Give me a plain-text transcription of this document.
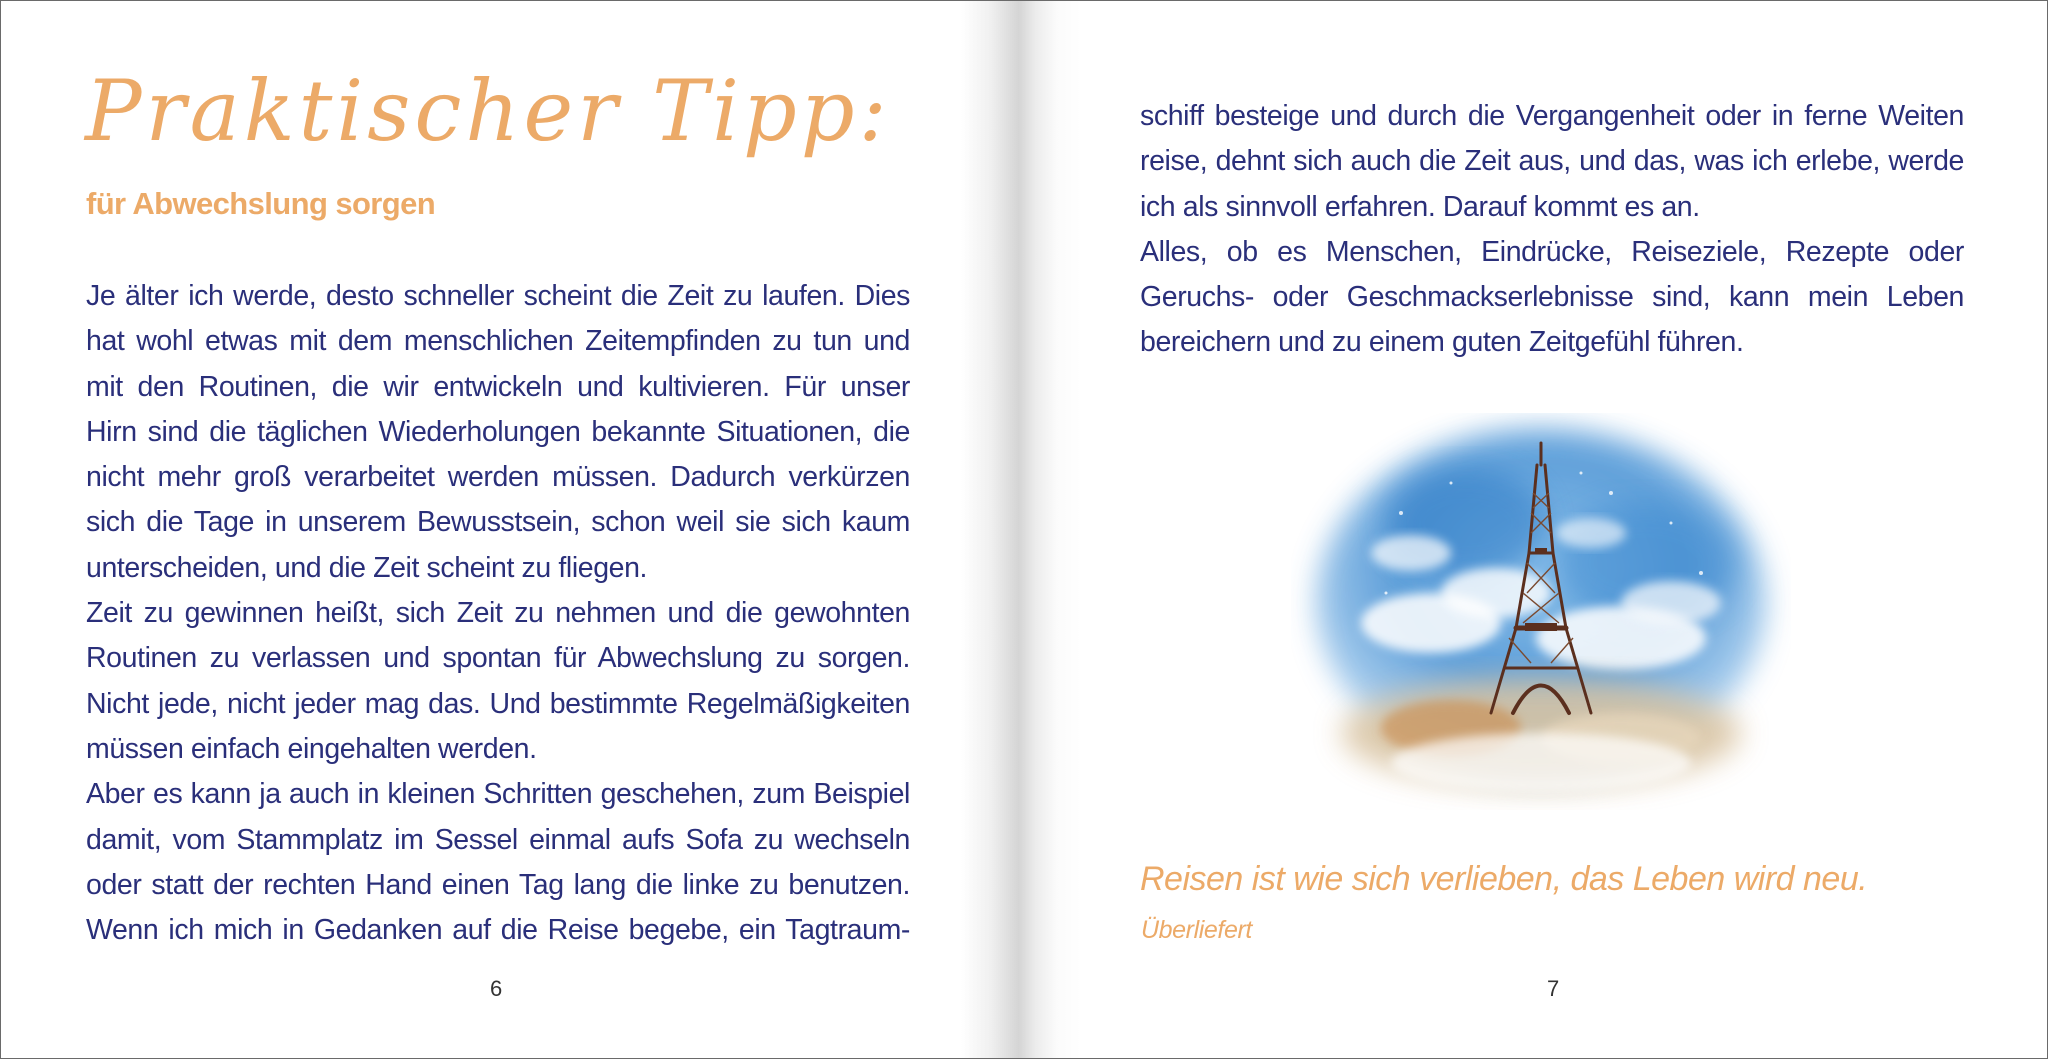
Praktischer Tipp:
für Abwechslung sorgen
Je älter ich werde, desto schneller scheint die Zeit zu laufen. Dies
hat wohl etwas mit dem menschlichen Zeitempfinden zu tun und
mit den Routinen, die wir entwickeln und kultivieren. Für unser
Hirn sind die täglichen Wiederholungen bekannte Situationen, die
nicht mehr groß verarbeitet werden müssen. Dadurch verkürzen
sich die Tage in unserem Bewusstsein, schon weil sie sich kaum
unterscheiden, und die Zeit scheint zu fliegen.
Zeit zu gewinnen heißt, sich Zeit zu nehmen und die gewohnten
Routinen zu verlassen und spontan für Abwechslung zu sorgen.
Nicht jede, nicht jeder mag das. Und bestimmte Regelmäßigkeiten
müssen einfach eingehalten werden.
Aber es kann ja auch in kleinen Schritten geschehen, zum Beispiel
damit, vom Stammplatz im Sessel einmal aufs Sofa zu wechseln
oder statt der rechten Hand einen Tag lang die linke zu benutzen.
Wenn ich mich in Gedanken auf die Reise begebe, ein Tagtraum-
6
schiff besteige und durch die Vergangenheit oder in ferne Weiten
reise, dehnt sich auch die Zeit aus, und das, was ich erlebe, werde
ich als sinnvoll erfahren. Darauf kommt es an.
Alles, ob es Menschen, Eindrücke, Reiseziele, Rezepte oder
Geruchs- oder Geschmackserlebnisse sind, kann mein Leben
bereichern und zu einem guten Zeitgefühl führen.

Reisen ist wie sich verlieben, das Leben wird neu.

Überliefert

7
